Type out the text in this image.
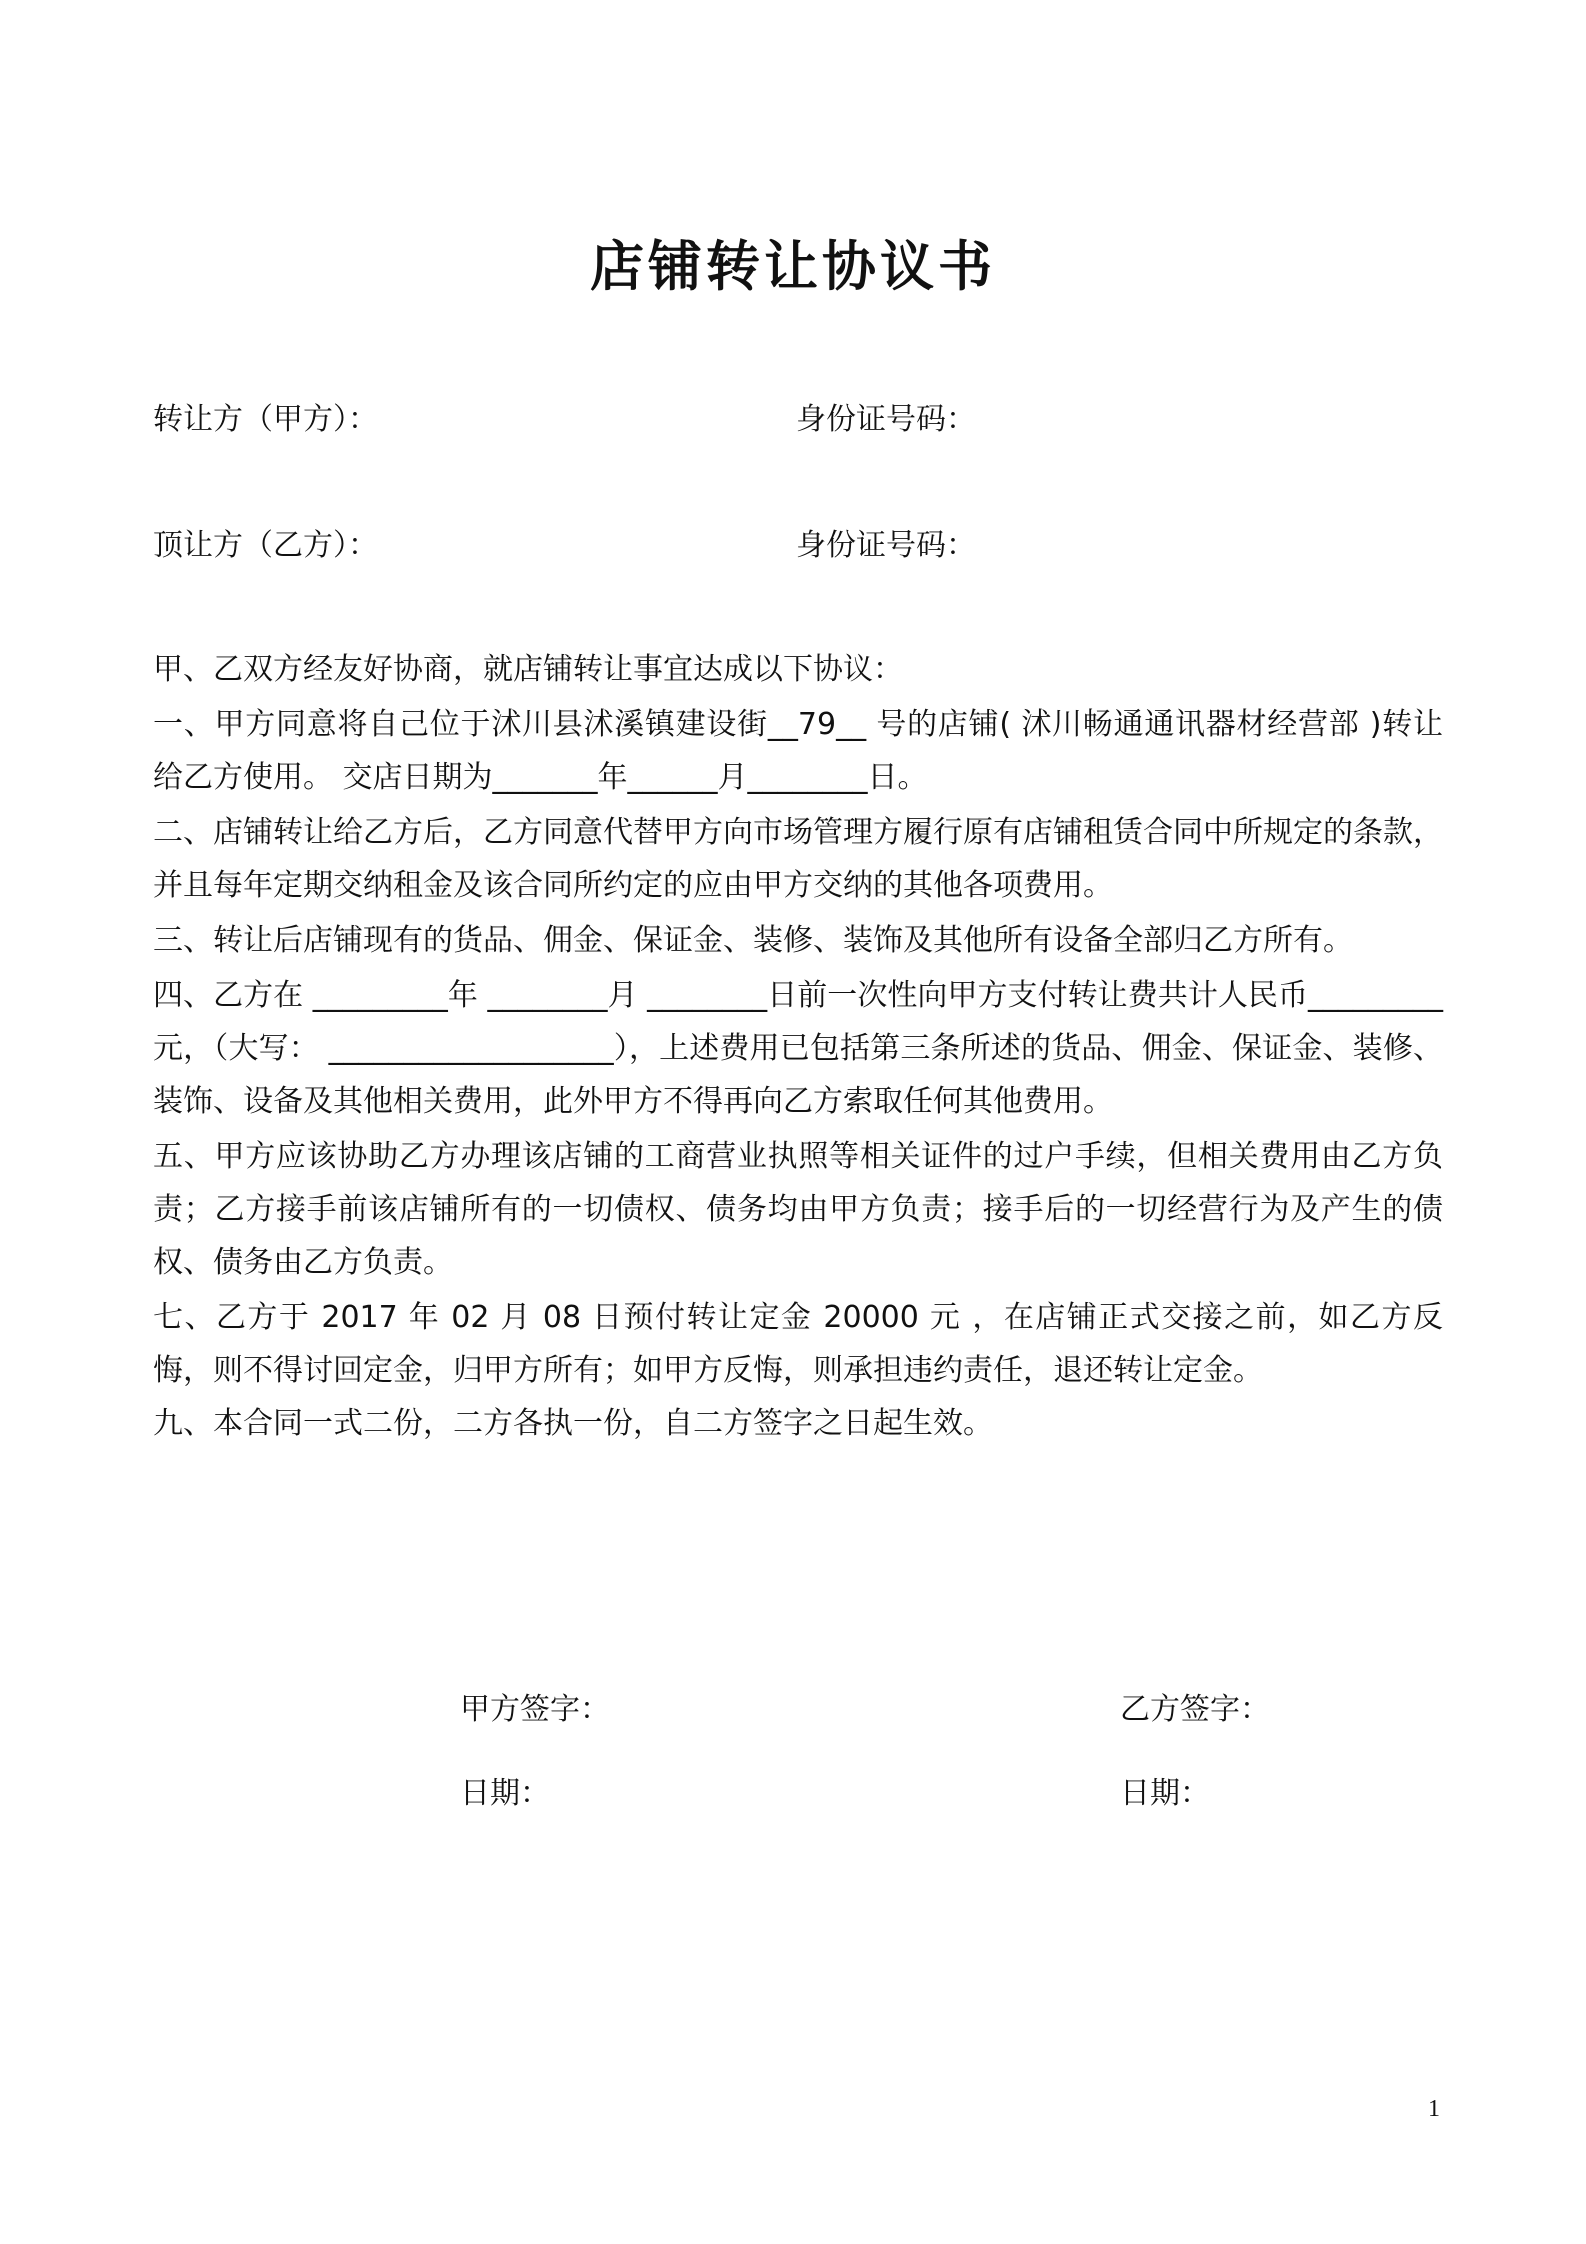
店铺转让协议书
转让方（甲方）：	身份证号码：
顶让方（乙方）：	身份证号码：

甲、乙双方经友好协商，就店铺转让事宜达成以下协议：

一、甲方同意将自己位于沭川县沭溪镇建设街__79__ 号的店铺( 沭川畅通通讯器材经营部 )转让给乙方使用。 交店日期为_______年______月________日。

二、店铺转让给乙方后，乙方同意代替甲方向市场管理方履行原有店铺租赁合同中所规定的条款，并且每年定期交纳租金及该合同所约定的应由甲方交纳的其他各项费用。

三、转让后店铺现有的货品、佣金、保证金、装修、装饰及其他所有设备全部归乙方所有。

四、乙方在 _________年 ________月 ________日前一次性向甲方支付转让费共计人民币_________元，（大写： ___________________），上述费用已包括第三条所述的货品、佣金、保证金、装修、装饰、设备及其他相关费用，此外甲方不得再向乙方索取任何其他费用。

五、甲方应该协助乙方办理该店铺的工商营业执照等相关证件的过户手续，但相关费用由乙方负责；乙方接手前该店铺所有的一切债权、债务均由甲方负责；接手后的一切经营行为及产生的债权、债务由乙方负责。

七、乙方于 2017 年 02 月 08 日预付转让定金 20000 元 ，在店铺正式交接之前，如乙方反悔，则不得讨回定金，归甲方所有；如甲方反悔，则承担违约责任，退还转让定金。

九、本合同一式二份，二方各执一份，自二方签字之日起生效。

甲方签字：	乙方签字：
日期：	日期：
1
